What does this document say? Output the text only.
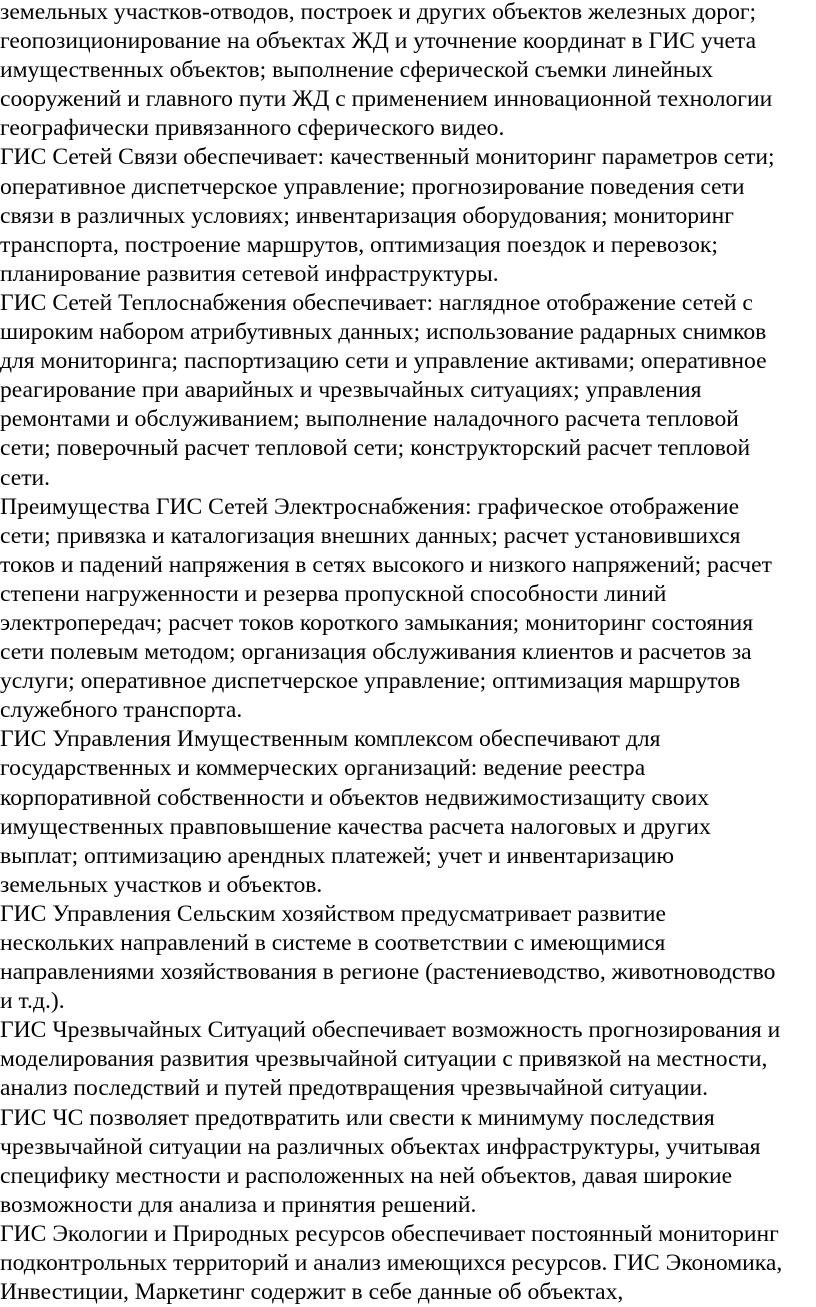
земельных участков-отводов, построек и других объектов железных дорог;
геопозиционирование на объектах ЖД и уточнение координат в ГИС учета
имущественных объектов; выполнение сферической съемки линейных
сооружений и главного пути ЖД с применением инновационной технологии
географически привязанного сферического видео.

ГИС Сетей Связи обеспечивает: качественный мониторинг параметров сети;
оперативное диспетчерское управление; прогнозирование поведения сети
связи в различных условиях; инвентаризация оборудования; мониторинг
транспорта, построение маршрутов, оптимизация поездок и перевозок;
планирование развития сетевой инфраструктуры.

ГИС Сетей Теплоснабжения обеспечивает: наглядное отображение сетей с
широким набором атрибутивных данных; использование радарных снимков
для мониторинга; паспортизацию сети и управление активами; оперативное
реагирование при аварийных и чрезвычайных ситуациях; управления
ремонтами и обслуживанием; выполнение наладочного расчета тепловой
сети; поверочный расчет тепловой сети; конструкторский расчет тепловой
сети.

Преимущества ГИС Сетей Электроснабжения: графическое отображение
сети; привязка и каталогизация внешних данных; расчет установившихся
токов и падений напряжения в сетях высокого и низкого напряжений; расчет
степени нагруженности и резерва пропускной способности линий
электропередач; расчет токов короткого замыкания; мониторинг состояния
сети полевым методом; организация обслуживания клиентов и расчетов за
услуги; оперативное диспетчерское управление; оптимизация маршрутов
служебного транспорта.

ГИС Управления Имущественным комплексом обеспечивают для
государственных и коммерческих организаций: ведение реестра
корпоративной собственности и объектов недвижимостизащиту своих
имущественных правповышение качества расчета налоговых и других
выплат; оптимизацию арендных платежей; учет и инвентаризацию
земельных участков и объектов.

ГИС Управления Сельским хозяйством предусматривает развитие
нескольких направлений в системе в соответствии с имеющимися
направлениями хозяйствования в регионе (растениеводство, животноводство
и т.д.).

ГИС Чрезвычайных Ситуаций обеспечивает возможность прогнозирования и
моделирования развития чрезвычайной ситуации с привязкой на местности,
анализ последствий и путей предотвращения чрезвычайной ситуации.

ГИС ЧС позволяет предотвратить или свести к минимуму последствия
чрезвычайной ситуации на различных объектах инфраструктуры, учитывая
специфику местности и расположенных на ней объектов, давая широкие
возможности для анализа и принятия решений.

ГИС Экологии и Природных ресурсов обеспечивает постоянный мониторинг
подконтрольных территорий и анализ имеющихся ресурсов. ГИС Экономика,
Инвестиции, Маркетинг содержит в себе данные об объектах,
